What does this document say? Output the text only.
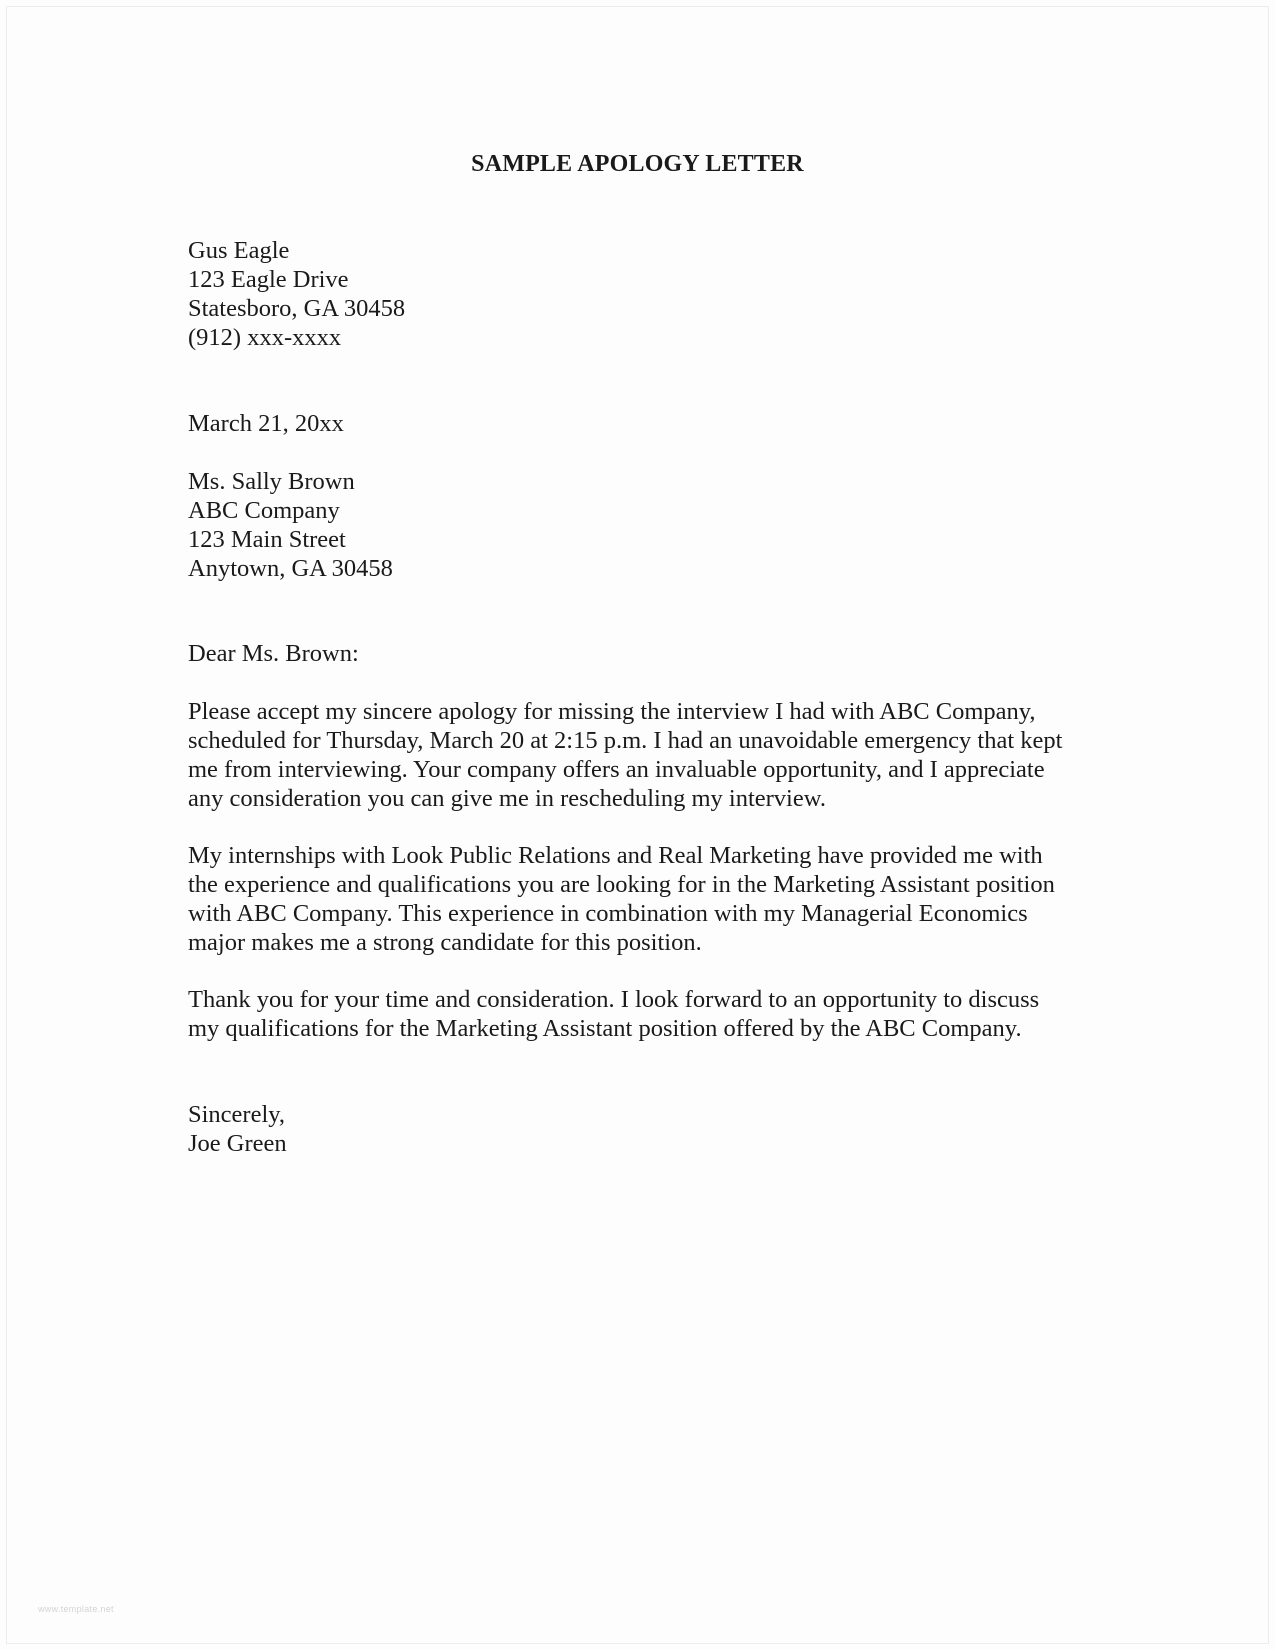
SAMPLE APOLOGY LETTER
Gus Eagle
123 Eagle Drive
Statesboro, GA 30458
(912) xxx-xxxx
March 21, 20xx
Ms. Sally Brown
ABC Company
123 Main Street
Anytown, GA 30458
Dear Ms. Brown:
Please accept my sincere apology for missing the interview I had with ABC Company,
scheduled for Thursday, March 20 at 2:15 p.m. I had an unavoidable emergency that kept
me from interviewing. Your company offers an invaluable opportunity, and I appreciate
any consideration you can give me in rescheduling my interview.
My internships with Look Public Relations and Real Marketing have provided me with
the experience and qualifications you are looking for in the Marketing Assistant position
with ABC Company. This experience in combination with my Managerial Economics
major makes me a strong candidate for this position.
Thank you for your time and consideration. I look forward to an opportunity to discuss
my qualifications for the Marketing Assistant position offered by the ABC Company.
Sincerely,
Joe Green
www.template.net
